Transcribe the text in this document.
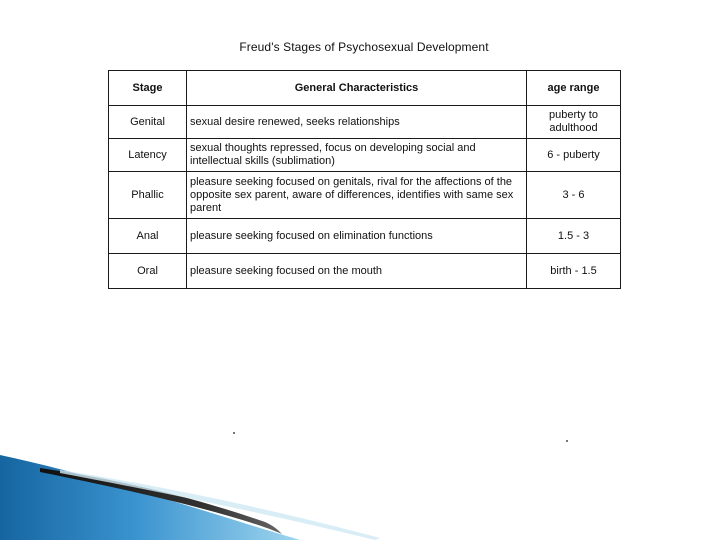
Freud's Stages of Psychosexual Development
Stage	General Characteristics	age range
Genital	sexual desire renewed, seeks relationships	puberty to adulthood
Latency	sexual thoughts repressed, focus on developing social and intellectual skills (sublimation)	6 - puberty
Phallic	pleasure seeking focused on genitals, rival for the affections of the opposite sex parent, aware of differences, identifies with same sex parent	3 - 6
Anal	pleasure seeking focused on elimination functions	1.5 - 3
Oral	pleasure seeking focused on the mouth	birth - 1.5
